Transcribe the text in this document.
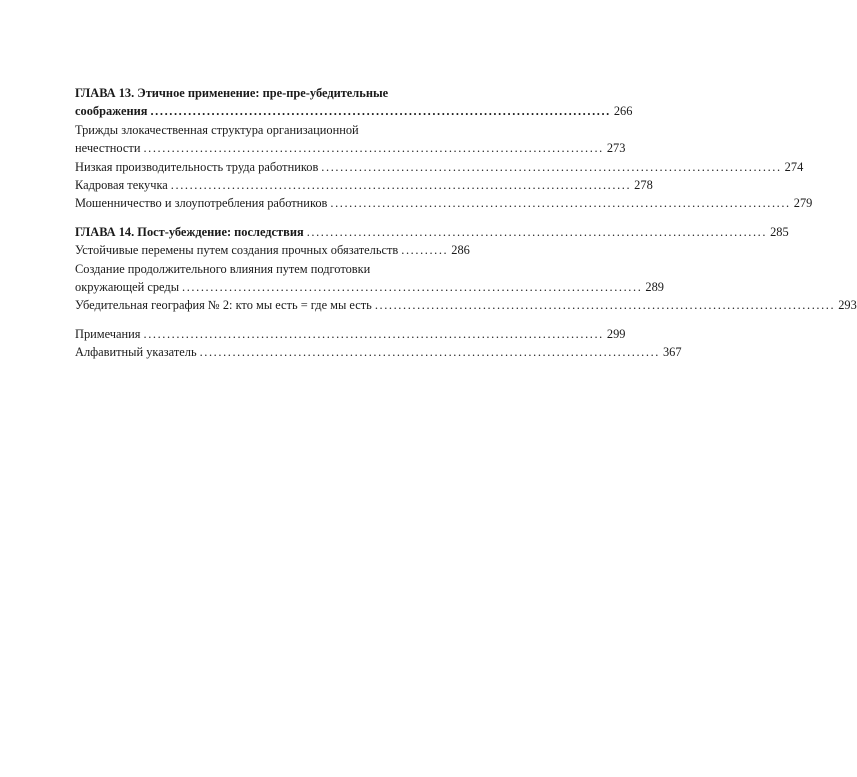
ГЛАВА 13. Этичное применение: пре-пре-убедительные
соображения .................................................................................................. 266
Трижды злокачественная структура организационной
нечестности .................................................................................................. 273
Низкая производительность труда работников .................................................................................................. 274
Кадровая текучка .................................................................................................. 278
Мошенничество и злоупотребления работников .................................................................................................. 279
ГЛАВА 14. Пост-убеждение: последствия .................................................................................................. 285
Устойчивые перемены путем создания прочных обязательств .......... 286
Создание продолжительного влияния путем подготовки
окружающей среды .................................................................................................. 289
Убедительная география № 2: кто мы есть = где мы есть .................................................................................................. 293
Примечания .................................................................................................. 299
Алфавитный указатель .................................................................................................. 367
